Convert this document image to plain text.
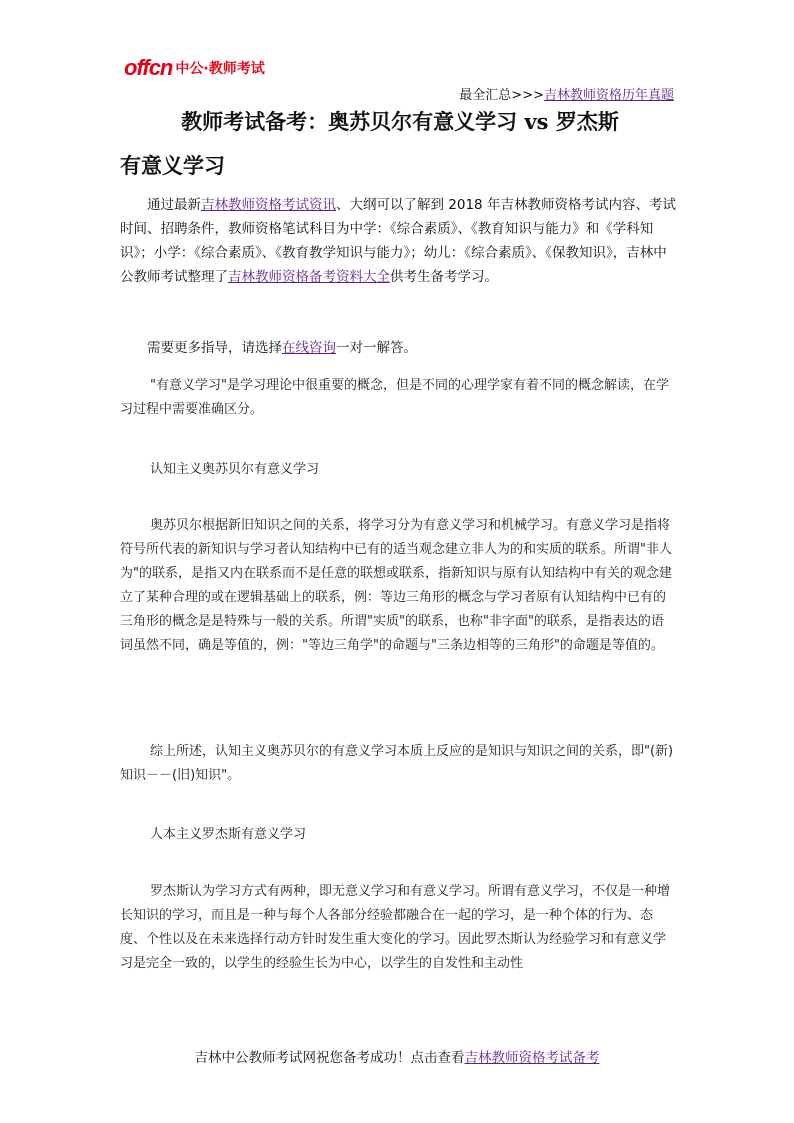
offcn 中公·教师考试
最全汇总>>>吉林教师资格历年真题
教师考试备考：奥苏贝尔有意义学习 vs 罗杰斯
有意义学习
通过最新吉林教师资格考试资讯、大纲可以了解到 2018 年吉林教师资格考试内容、考试时间、招聘条件，教师资格笔试科目为中学：《综合素质》、《教育知识与能力》和《学科知识》；小学：《综合素质》、《教育教学知识与能力》；幼儿：《综合素质》、《保教知识》，吉林中公教师考试整理了吉林教师资格备考资料大全供考生备考学习。
需要更多指导，请选择在线咨询一对一解答。
"有意义学习"是学习理论中很重要的概念，但是不同的心理学家有着不同的概念解读，在学习过程中需要准确区分。
认知主义奥苏贝尔有意义学习
奥苏贝尔根据新旧知识之间的关系，将学习分为有意义学习和机械学习。有意义学习是指将符号所代表的新知识与学习者认知结构中已有的适当观念建立非人为的和实质的联系。所谓"非人为"的联系，是指又内在联系而不是任意的联想或联系，指新知识与原有认知结构中有关的观念建立了某种合理的或在逻辑基础上的联系，例：等边三角形的概念与学习者原有认知结构中已有的三角形的概念是是特殊与一般的关系。所谓"实质"的联系，也称"非字面"的联系，是指表达的语词虽然不同，确是等值的，例："等边三角学"的命题与"三条边相等的三角形"的命题是等值的。
综上所述，认知主义奥苏贝尔的有意义学习本质上反应的是知识与知识之间的关系，即"(新)知识－－(旧)知识"。
人本主义罗杰斯有意义学习
罗杰斯认为学习方式有两种，即无意义学习和有意义学习。所谓有意义学习，不仅是一种增长知识的学习，而且是一种与每个人各部分经验都融合在一起的学习，是一种个体的行为、态度、个性以及在未来选择行动方针时发生重大变化的学习。因此罗杰斯认为经验学习和有意义学习是完全一致的，以学生的经验生长为中心，以学生的自发性和主动性
吉林中公教师考试网祝您备考成功！点击查看吉林教师资格考试备考
